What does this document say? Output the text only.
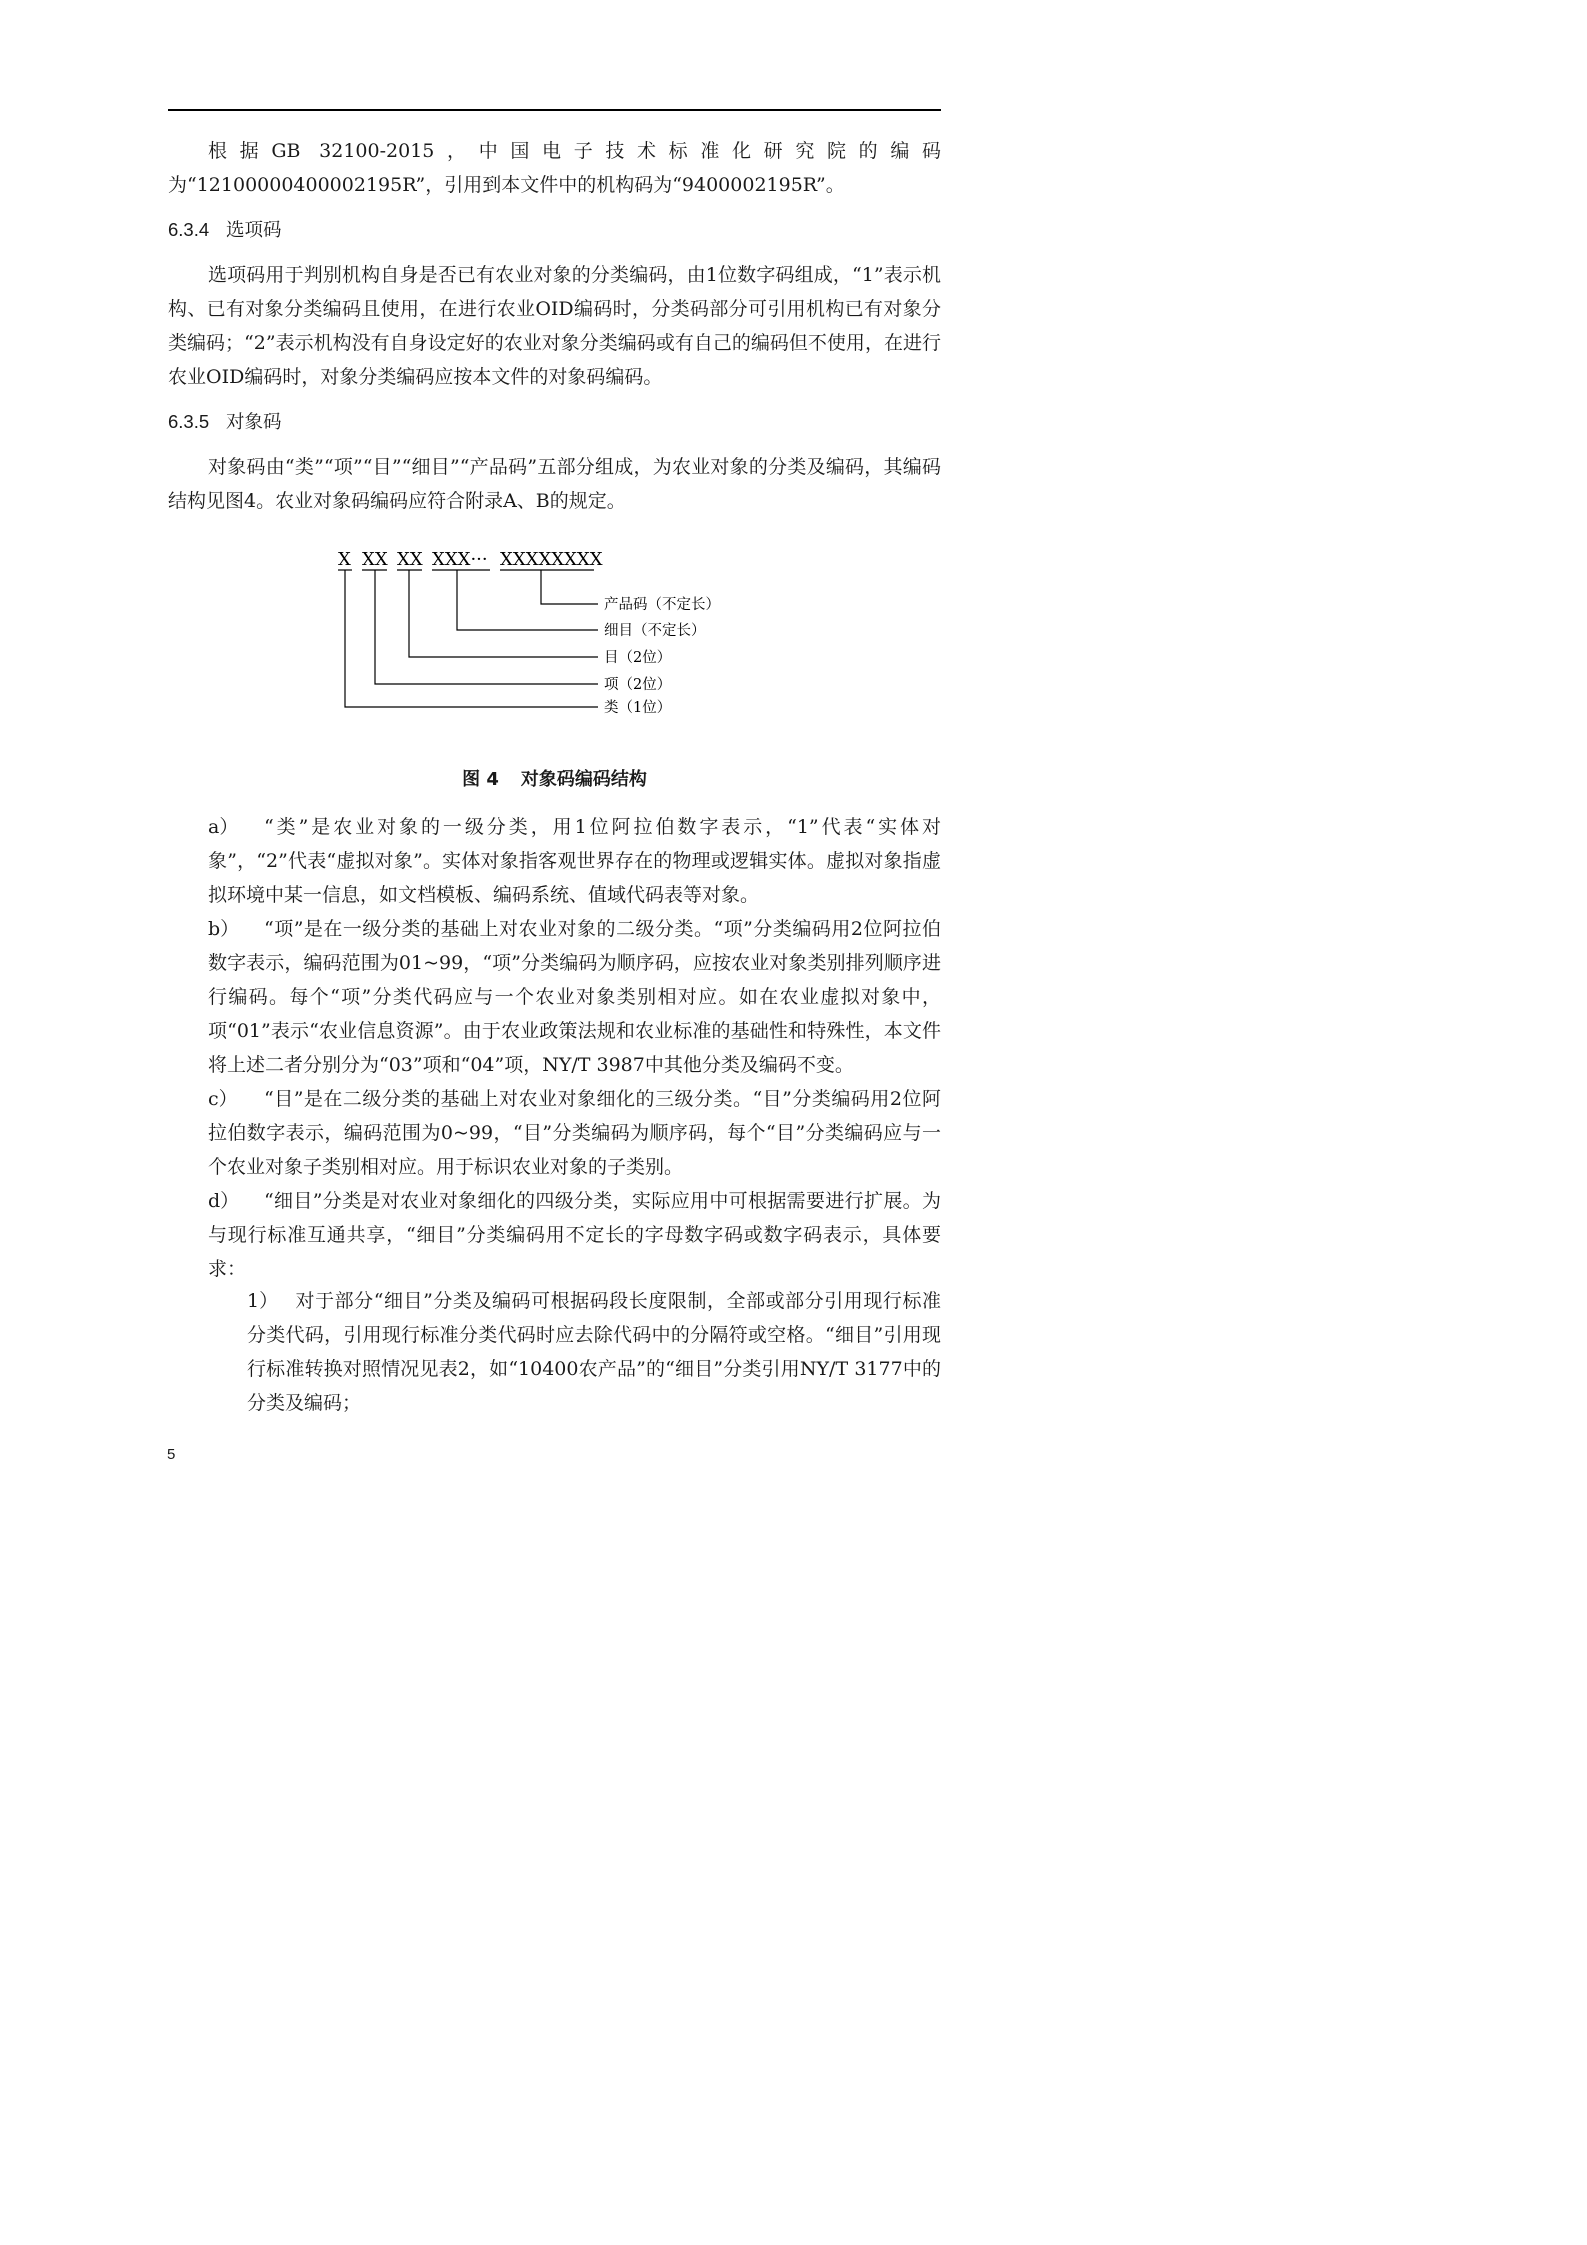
根据GB 32100-2015，中国电子技术标准化研究院的编码为“12100000400002195R”，引用到本文件中的机构码为“9400002195R”。
6.3.4 选项码
选项码用于判别机构自身是否已有农业对象的分类编码，由1位数字码组成，“1”表示机构、已有对象分类编码且使用，在进行农业OID编码时，分类码部分可引用机构已有对象分类编码；“2”表示机构没有自身设定好的农业对象分类编码或有自己的编码但不使用，在进行农业OID编码时，对象分类编码应按本文件的对象码编码。
6.3.5 对象码
对象码由“类”“项”“目”“细目”“产品码”五部分组成，为农业对象的分类及编码，其编码结构见图4。农业对象码编码应符合附录A、B的规定。
X XX XX XXX··· XXXXXXXX
产品码（不定长）
细目（不定长）
目（2位）
项（2位）
类（1位）
图 4 对象码编码结构
a） “类”是农业对象的一级分类，用1位阿拉伯数字表示，“1”代表“实体对象”，“2”代表“虚拟对象”。实体对象指客观世界存在的物理或逻辑实体。虚拟对象指虚拟环境中某一信息，如文档模板、编码系统、值域代码表等对象。
b） “项”是在一级分类的基础上对农业对象的二级分类。“项”分类编码用2位阿拉伯数字表示，编码范围为01~99，“项”分类编码为顺序码，应按农业对象类别排列顺序进行编码。每个“项”分类代码应与一个农业对象类别相对应。如在农业虚拟对象中，项“01”表示“农业信息资源”。由于农业政策法规和农业标准的基础性和特殊性，本文件将上述二者分别分为“03”项和“04”项，NY/T 3987中其他分类及编码不变。
c） “目”是在二级分类的基础上对农业对象细化的三级分类。“目”分类编码用2位阿拉伯数字表示，编码范围为0~99，“目”分类编码为顺序码，每个“目”分类编码应与一个农业对象子类别相对应。用于标识农业对象的子类别。
d） “细目”分类是对农业对象细化的四级分类，实际应用中可根据需要进行扩展。为与现行标准互通共享，“细目”分类编码用不定长的字母数字码或数字码表示，具体要求：
1） 对于部分“细目”分类及编码可根据码段长度限制，全部或部分引用现行标准分类代码，引用现行标准分类代码时应去除代码中的分隔符或空格。“细目”引用现行标准转换对照情况见表2，如“10400农产品”的“细目”分类引用NY/T 3177中的分类及编码；
5
